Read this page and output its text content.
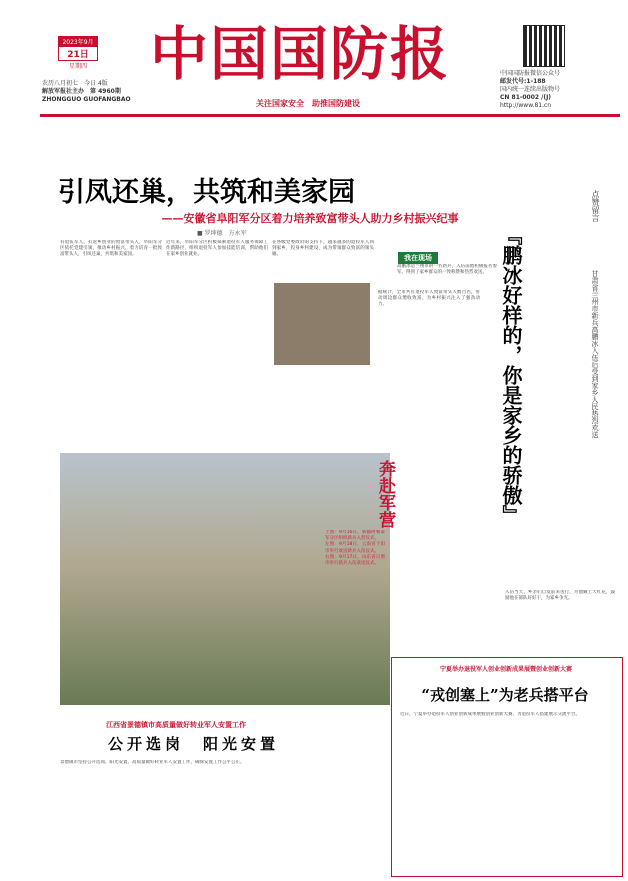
2023年9月
21日
星期四
农历八月初七　 今日 4版
解放军报社主办　 第 4960期
ZHONGGUO GUOFANGBAO
中国国防报
关注国家安全　助推国防建设
中国国防报微信公众号
邮发代号:1-188
国内统一连续出版物号
CN 81-0002 /(J)
http://www.81.cn
引凤还巢，共筑和美家园
——安徽省阜阳军分区着力培养致富带头人助力乡村振兴纪事
■ 罗坤德　方永军
有退伍军人、有返乡创业的致富带头人，阜阳军分区依托党建引领，推动乡村振兴，着力培育一批致富带头人，引凤还巢，共筑和美家园。
近年来，阜阳军分区积极探索退役军人服务保障工作新路径，组织退役军人参加技能培训，帮助他们在家乡创业就业。
在各级党委政府的支持下，越来越多的退役军人回到家乡，投身乡村建设，成为带领群众致富的领头雁。
据统计，全市共有退役军人致富带头人数百名，带动周边群众增收致富，为乡村振兴注入了强劲动力。
奔赴军营
上图：9月16日，新疆阿勒泰军分区组织新兵入营仪式。
左图：9月18日，云南省个旧市举行欢送新兵入伍仪式。
右图：9月17日，山东省日照市举行新兵入伍欢送仪式。
点赞留言
『鹏冰好样的，你是家乡的骄傲』	甘肃省兰州市新兵高鹏冰入伍后受到家乡人民热烈欢送
我在现场
高鹏冰是兰州市的一名新兵，入伍前他积极报名参军，得到了家乡群众的一致称赞和热烈欢送。
入伍当天，乡亲们自发前来送行，为他戴上大红花，鼓励他在部队好好干，为家乡争光。
宁夏举办退役军人创业创新成果展暨创业创新大赛
“戎创塞上”为老兵搭平台
近日，宁夏举办退役军人创业创新成果展暨创业创新大赛，为退役军人搭建展示交流平台。
江西省景德镇市高质量做好转业军人安置工作
公开选岗　阳光安置
景德镇市坚持公开选岗、阳光安置，高质量做好转业军人安置工作，确保安置工作公平公正。
